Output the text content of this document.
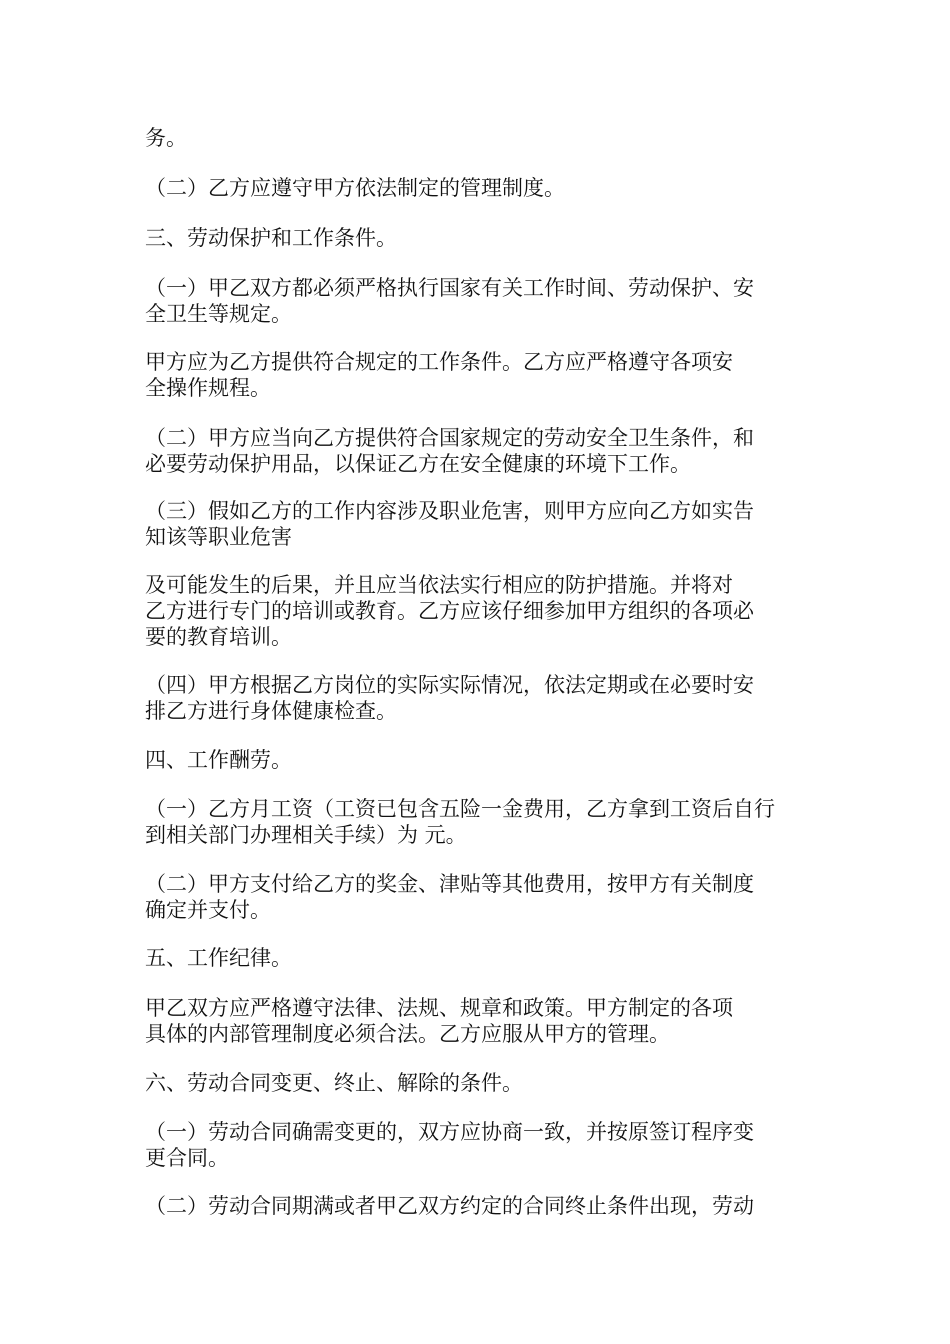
务。

（二）乙方应遵守甲方依法制定的管理制度。

三、劳动保护和工作条件。

（一）甲乙双方都必须严格执行国家有关工作时间、劳动保护、安

全卫生等规定。

甲方应为乙方提供符合规定的工作条件。乙方应严格遵守各项安

全操作规程。

（二）甲方应当向乙方提供符合国家规定的劳动安全卫生条件，和

必要劳动保护用品，以保证乙方在安全健康的环境下工作。

（三）假如乙方的工作内容涉及职业危害，则甲方应向乙方如实告

知该等职业危害

及可能发生的后果，并且应当依法实行相应的防护措施。并将对

乙方进行专门的培训或教育。乙方应该仔细参加甲方组织的各项必

要的教育培训。

（四）甲方根据乙方岗位的实际实际情况，依法定期或在必要时安

排乙方进行身体健康检查。

四、工作酬劳。

（一）乙方月工资（工资已包含五险一金费用，乙方拿到工资后自行

到相关部门办理相关手续）为 元。

（二）甲方支付给乙方的奖金、津贴等其他费用，按甲方有关制度

确定并支付。

五、工作纪律。

甲乙双方应严格遵守法律、法规、规章和政策。甲方制定的各项

具体的内部管理制度必须合法。乙方应服从甲方的管理。

六、劳动合同变更、终止、解除的条件。

（一）劳动合同确需变更的，双方应协商一致，并按原签订程序变

更合同。

（二）劳动合同期满或者甲乙双方约定的合同终止条件出现，劳动
